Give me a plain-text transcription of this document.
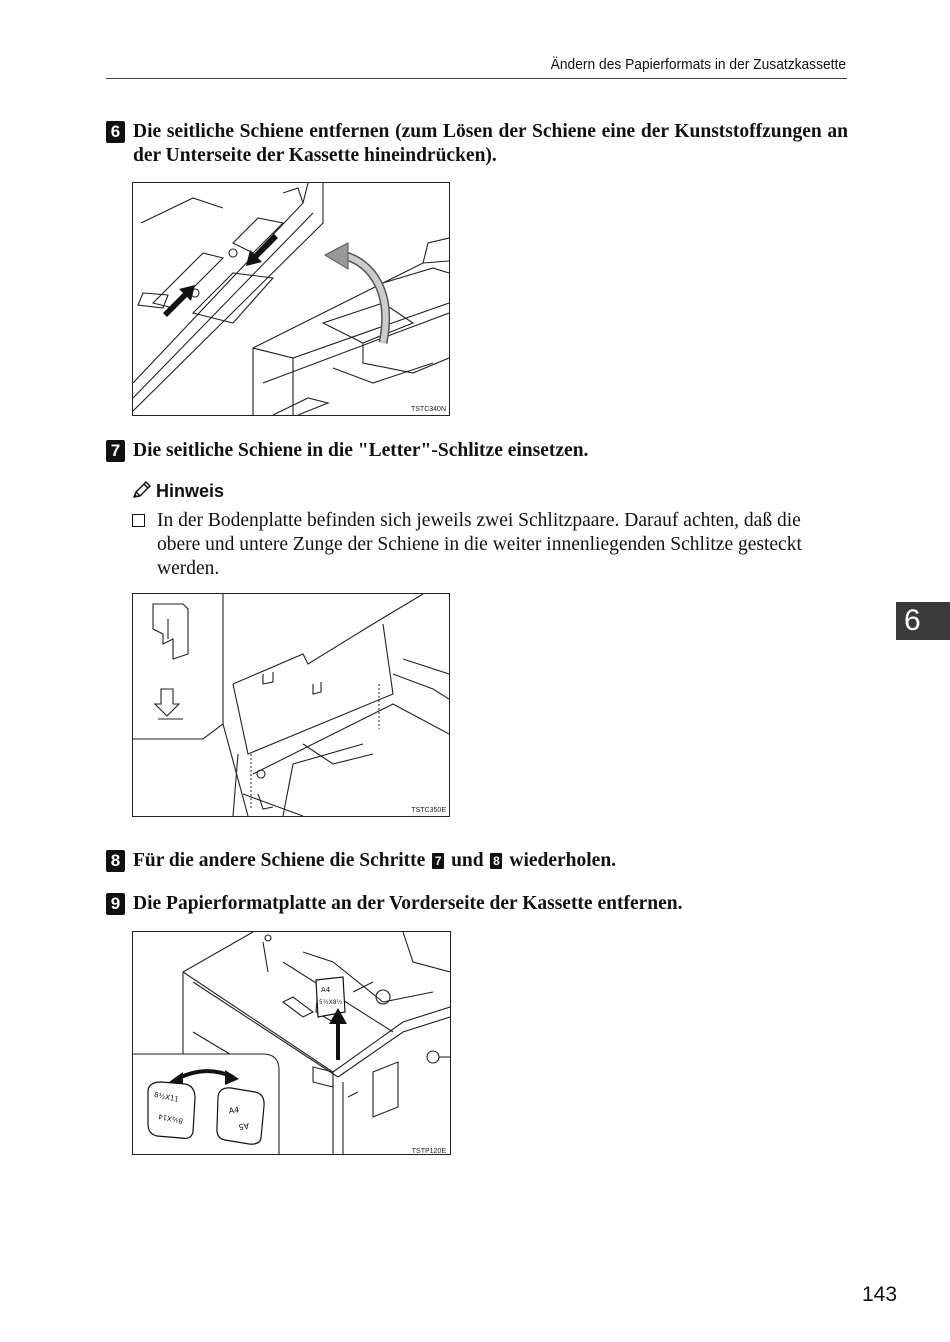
Ändern des Papierformats in der Zusatzkassette
6 Die seitliche Schiene entfernen (zum Lösen der Schiene eine der Kunststoffzungen an der Unterseite der Kassette hineindrücken).
TSTC340N
7 Die seitliche Schiene in die "Letter"-Schlitze einsetzen.
Hinweis
In der Bodenplatte befinden sich jeweils zwei Schlitzpaare. Darauf achten, daß die obere und untere Zunge der Schiene in die weiter innenliegenden Schlitze gesteckt werden.
TSTC350E
8 Für die andere Schiene die Schritte 7 und 8 wiederholen.
9 Die Papierformatplatte an der Vorderseite der Kassette entfernen.
A4
5½X8½
8½X11
8½X14
A4
A5
TSTP120E
6
143
